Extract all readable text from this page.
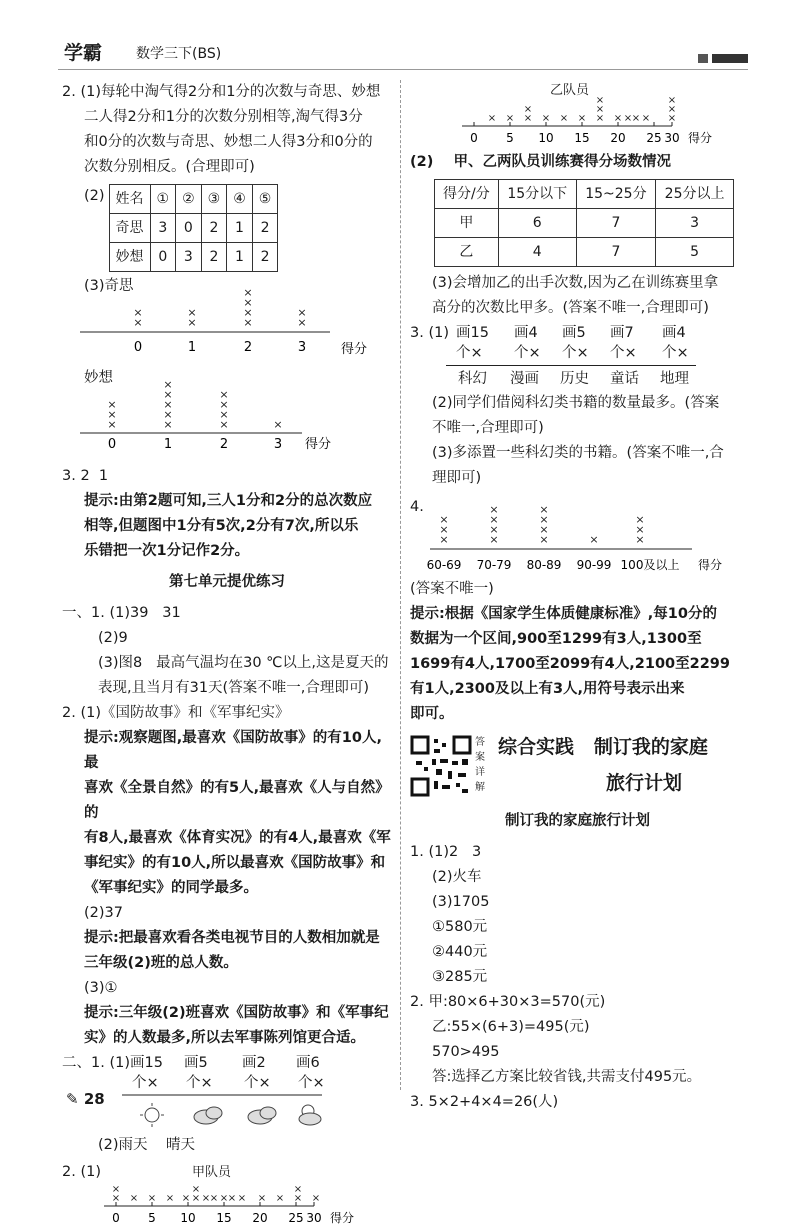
学霸 数学三下(BS)

2. (1)每轮中淘气得2分和1分的次数与奇思、妙想

二人得2分和1分的次数分别相等,淘气得3分

和0分的次数与奇思、妙想二人得3分和0分的

次数分别相反。(合理即可)

(2) 姓名	①	②	③	④	⑤
奇思	3	0	2	1	2
妙想	0	3	2	1	2

(3)奇思

×
×
×
×
×
×
×
×
×
×
0	1	2	3	得分

妙想

×
×
×
×
×
×
×
×
×
×
×
×	×
0	1	2	3 得分

3. 2  1

提示:由第2题可知,三人1分和2分的总次数应

相等,但题图中1分有5次,2分有7次,所以乐

乐错把一次1分记作2分。

第七单元提优练习

一、1. (1)39   31

(2)9

(3)图8   最高气温均在30 ℃以上,这是夏天的

表现,且当月有31天(答案不唯一,合理即可)

2. (1)《国防故事》和《军事纪实》

提示:观察题图,最喜欢《国防故事》的有10人,最

喜欢《全景自然》的有5人,最喜欢《人与自然》的

有8人,最喜欢《体育实况》的有4人,最喜欢《军

事纪实》的有10人,所以最喜欢《国防故事》和

《军事纪实》的同学最多。

(2)37

提示:把最喜欢看各类电视节目的人数相加就是

三年级(2)班的总人数。

(3)①

提示:三年级(2)班喜欢《国防故事》和《军事纪

实》的人数最多,所以去军事陈列馆更合适。

二、1. (1) 画15 画5 画2 画6
个× 个× 个× 个×

(2)雨天    晴天

2. (1)	甲队员
×
× × × × ×
×
× × × × × × × ×
×
× ×
0 5 10 15 20 25 30 得分
乙队员
× ×
×
× × × ×
×
×
× × × × ×
×
×
×
0 5 10 15 20 25 30 得分

(2)    甲、乙两队员训练赛得分场数情况

得分/分	15分以下	15~25分	25分以上
甲	6	7	3
乙	4	7	5

(3)会增加乙的出手次数,因为乙在训练赛里拿

高分的次数比甲多。(答案不唯一,合理即可)

3. (1) 画15 画4 画5 画7 画4
个× 个× 个× 个× 个×
科幻 漫画 历史 童话 地理

(2)同学们借阅科幻类书籍的数量最多。(答案

不唯一,合理即可)

(3)多添置一些科幻类的书籍。(答案不唯一,合

理即可)

4.
×
×
×
×
×
×
×
×
×
×
×	×
×
×
×
60-69 70-79 80-89 90-99 100及以上 得分

(答案不唯一)

提示:根据《国家学生体质健康标准》,每10分的

数据为一个区间,900至1299有3人,1300至

1699有4人,1700至2099有4人,2100至2299

有1人,2300及以上有3人,用符号表示出来

即可。

答
案
详
解
综合实践   制订我的家庭
旅行计划

制订我的家庭旅行计划

1. (1)2   3

(2)火车

(3)1705

①580元

②440元

③285元

2. 甲:80×6+30×3=570(元)

乙:55×(6+3)=495(元)

570>495

答:选择乙方案比较省钱,共需支付495元。

3. 5×2+4×4=26(人)

✎ 28
